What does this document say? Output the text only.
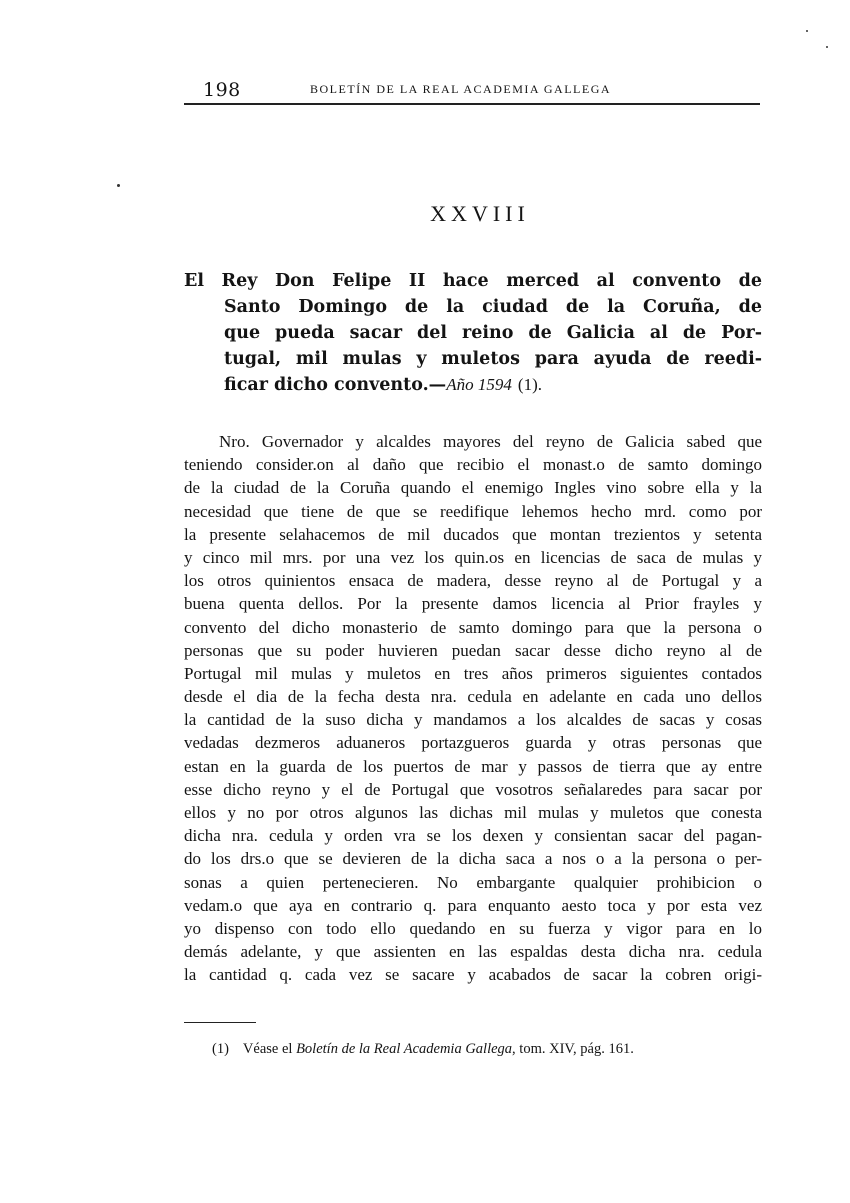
198	BOLETÍN DE LA REAL ACADEMIA GALLEGA
XXVIII

El Rey Don Felipe II hace merced al convento de
Santo Domingo de la ciudad de la Coruña, de
que pueda sacar del reino de Galicia al de Por-
tugal, mil mulas y muletos para ayuda de reedi-
ficar dicho convento.—Año 1594 (1).

Nro. Governador y alcaldes mayores del reyno de Galicia sabed que
teniendo consider.on al daño que recibio el monast.o de samto domingo
de la ciudad de la Coruña quando el enemigo Ingles vino sobre ella y la
necesidad que tiene de que se reedifique lehemos hecho mrd. como por
la presente selahacemos de mil ducados que montan trezientos y setenta
y cinco mil mrs. por una vez los quin.os en licencias de saca de mulas y
los otros quinientos ensaca de madera, desse reyno al de Portugal y a
buena quenta dellos. Por la presente damos licencia al Prior frayles y
convento del dicho monasterio de samto domingo para que la persona o
personas que su poder huvieren puedan sacar desse dicho reyno al de
Portugal mil mulas y muletos en tres años primeros siguientes contados
desde el dia de la fecha desta nra. cedula en adelante en cada uno dellos
la cantidad de la suso dicha y mandamos a los alcaldes de sacas y cosas
vedadas dezmeros aduaneros portazgueros guarda y otras personas que
estan en la guarda de los puertos de mar y passos de tierra que ay entre
esse dicho reyno y el de Portugal que vosotros señalaredes para sacar por
ellos y no por otros algunos las dichas mil mulas y muletos que conesta
dicha nra. cedula y orden vra se los dexen y consientan sacar del pagan-
do los drs.o que se devieren de la dicha saca a nos o a la persona o per-
sonas a quien pertenecieren. No embargante qualquier prohibicion o
vedam.o que aya en contrario q. para enquanto aesto toca y por esta vez
yo dispenso con todo ello quedando en su fuerza y vigor para en lo
demás adelante, y que assienten en las espaldas desta dicha nra. cedula
la cantidad q. cada vez se sacare y acabados de sacar la cobren origi-
(1) Véase el Boletín de la Real Academia Gallega, tom. XIV, pág. 161.
